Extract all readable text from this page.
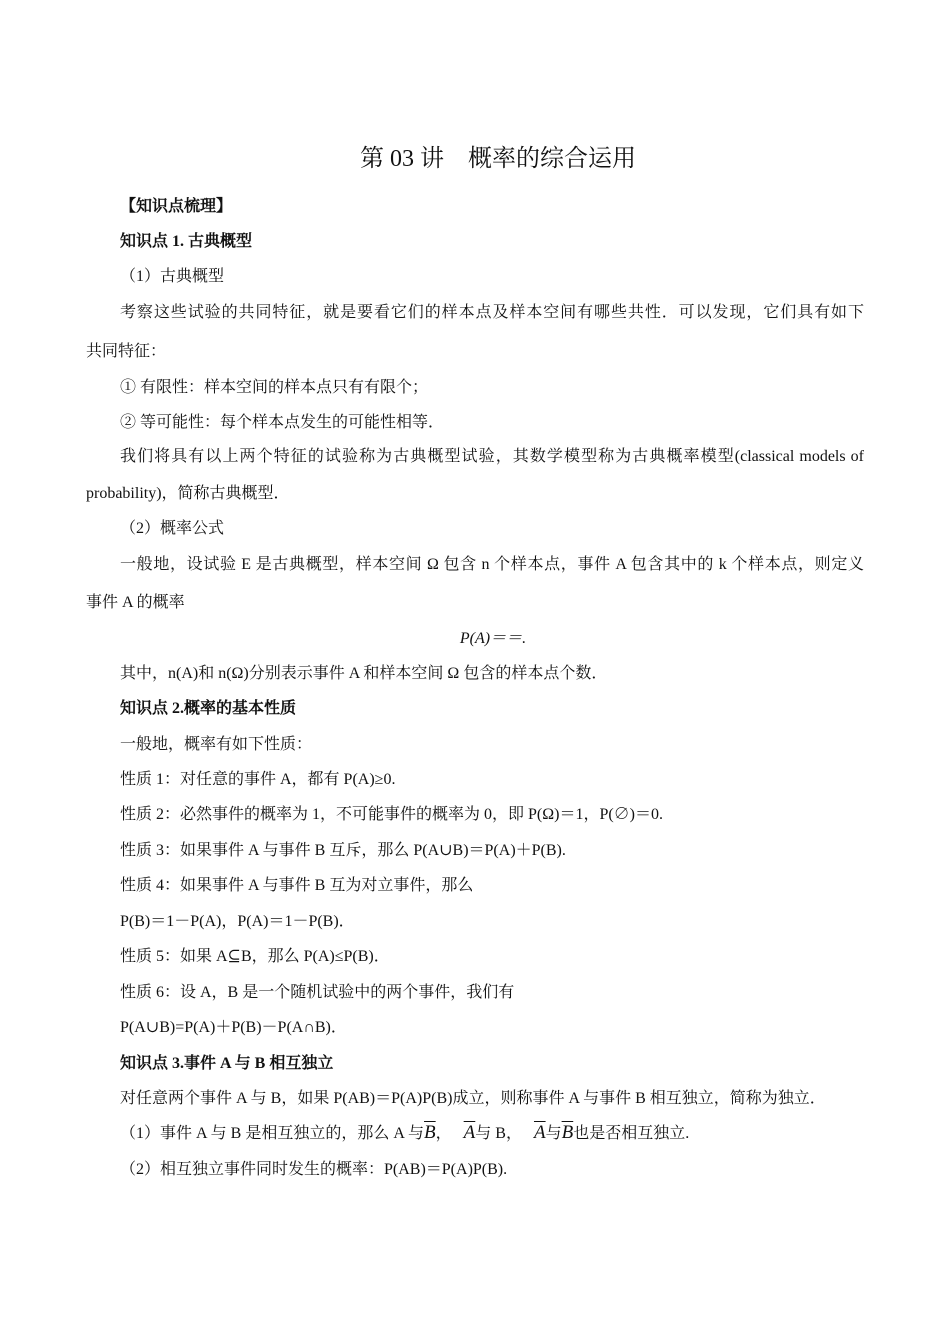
第 03 讲　概率的综合运用
【知识点梳理】
知识点 1. 古典概型
（1）古典概型
考察这些试验的共同特征，就是要看它们的样本点及样本空间有哪些共性．可以发现，它们具有如下
共同特征：
① 有限性：样本空间的样本点只有有限个；
② 等可能性：每个样本点发生的可能性相等．
我们将具有以上两个特征的试验称为古典概型试验，其数学模型称为古典概率模型(classical models of
probability)，简称古典概型．
（2）概率公式
一般地，设试验 E 是古典概型，样本空间 Ω 包含 n 个样本点，事件 A 包含其中的 k 个样本点，则定义
事件 A 的概率
P(A)＝＝.
其中，n(A)和 n(Ω)分别表示事件 A 和样本空间 Ω 包含的样本点个数．
知识点 2.概率的基本性质
一般地，概率有如下性质：
性质 1：对任意的事件 A，都有 P(A)≥0.
性质 2：必然事件的概率为 1，不可能事件的概率为 0，即 P(Ω)＝1，P(∅)＝0.
性质 3：如果事件 A 与事件 B 互斥，那么 P(A∪B)＝P(A)＋P(B).
性质 4：如果事件 A 与事件 B 互为对立事件，那么
P(B)＝1－P(A)，P(A)＝1－P(B)．
性质 5：如果 A⊆B，那么 P(A)≤P(B)．
性质 6：设 A，B 是一个随机试验中的两个事件，我们有
P(A∪B)=P(A)＋P(B)－P(A∩B)．
知识点 3.事件 A 与 B 相互独立
对任意两个事件 A 与 B，如果 P(AB)＝P(A)P(B)成立，则称事件 A 与事件 B 相互独立，简称为独立．
（1）事件 A 与 B 是相互独立的，那么 A 与$\overline{B}$，　 $\overline{A}$与 B，　 $\overline{A}$与$\overline{B}$也是否相互独立.
（2）相互独立事件同时发生的概率：P(AB)＝P(A)P(B).
